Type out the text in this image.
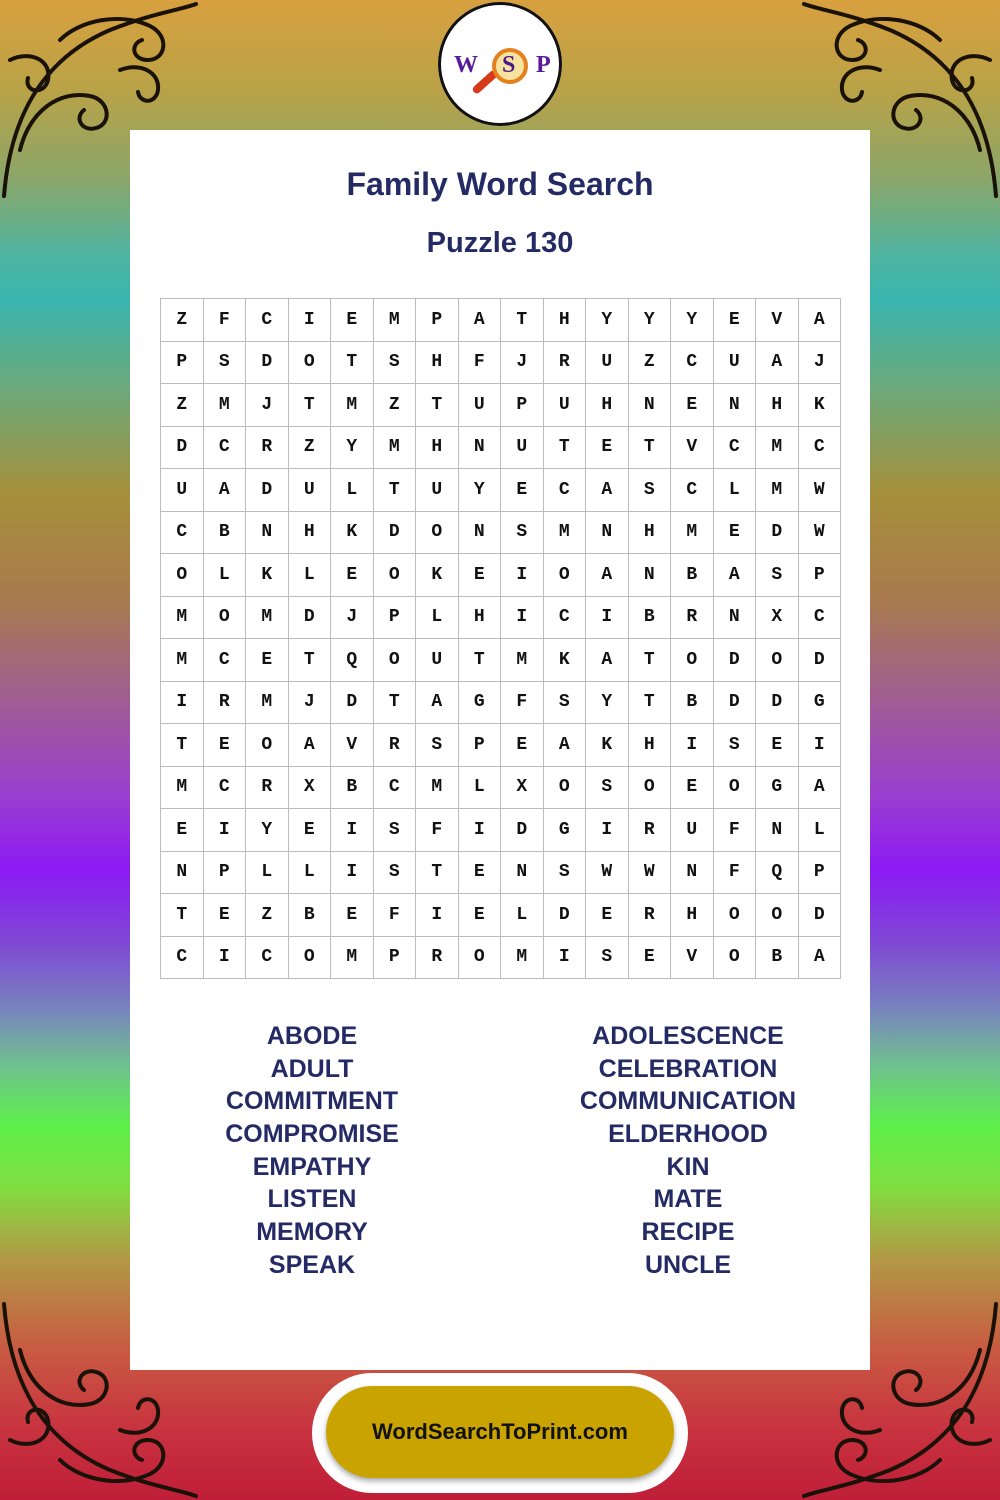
W S P
Family Word Search
Puzzle 130
Z	F	C	I	E	M	P	A	T	H	Y	Y	Y	E	V	A
P	S	D	O	T	S	H	F	J	R	U	Z	C	U	A	J
Z	M	J	T	M	Z	T	U	P	U	H	N	E	N	H	K
D	C	R	Z	Y	M	H	N	U	T	E	T	V	C	M	C
U	A	D	U	L	T	U	Y	E	C	A	S	C	L	M	W
C	B	N	H	K	D	O	N	S	M	N	H	M	E	D	W
O	L	K	L	E	O	K	E	I	O	A	N	B	A	S	P
M	O	M	D	J	P	L	H	I	C	I	B	R	N	X	C
M	C	E	T	Q	O	U	T	M	K	A	T	O	D	O	D
I	R	M	J	D	T	A	G	F	S	Y	T	B	D	D	G
T	E	O	A	V	R	S	P	E	A	K	H	I	S	E	I
M	C	R	X	B	C	M	L	X	O	S	O	E	O	G	A
E	I	Y	E	I	S	F	I	D	G	I	R	U	F	N	L
N	P	L	L	I	S	T	E	N	S	W	W	N	F	Q	P
T	E	Z	B	E	F	I	E	L	D	E	R	H	O	O	D
C	I	C	O	M	P	R	O	M	I	S	E	V	O	B	A
ABODE
ADULT
COMMITMENT
COMPROMISE
EMPATHY
LISTEN
MEMORY
SPEAK
ADOLESCENCE
CELEBRATION
COMMUNICATION
ELDERHOOD
KIN
MATE
RECIPE
UNCLE
WordSearchToPrint.com
